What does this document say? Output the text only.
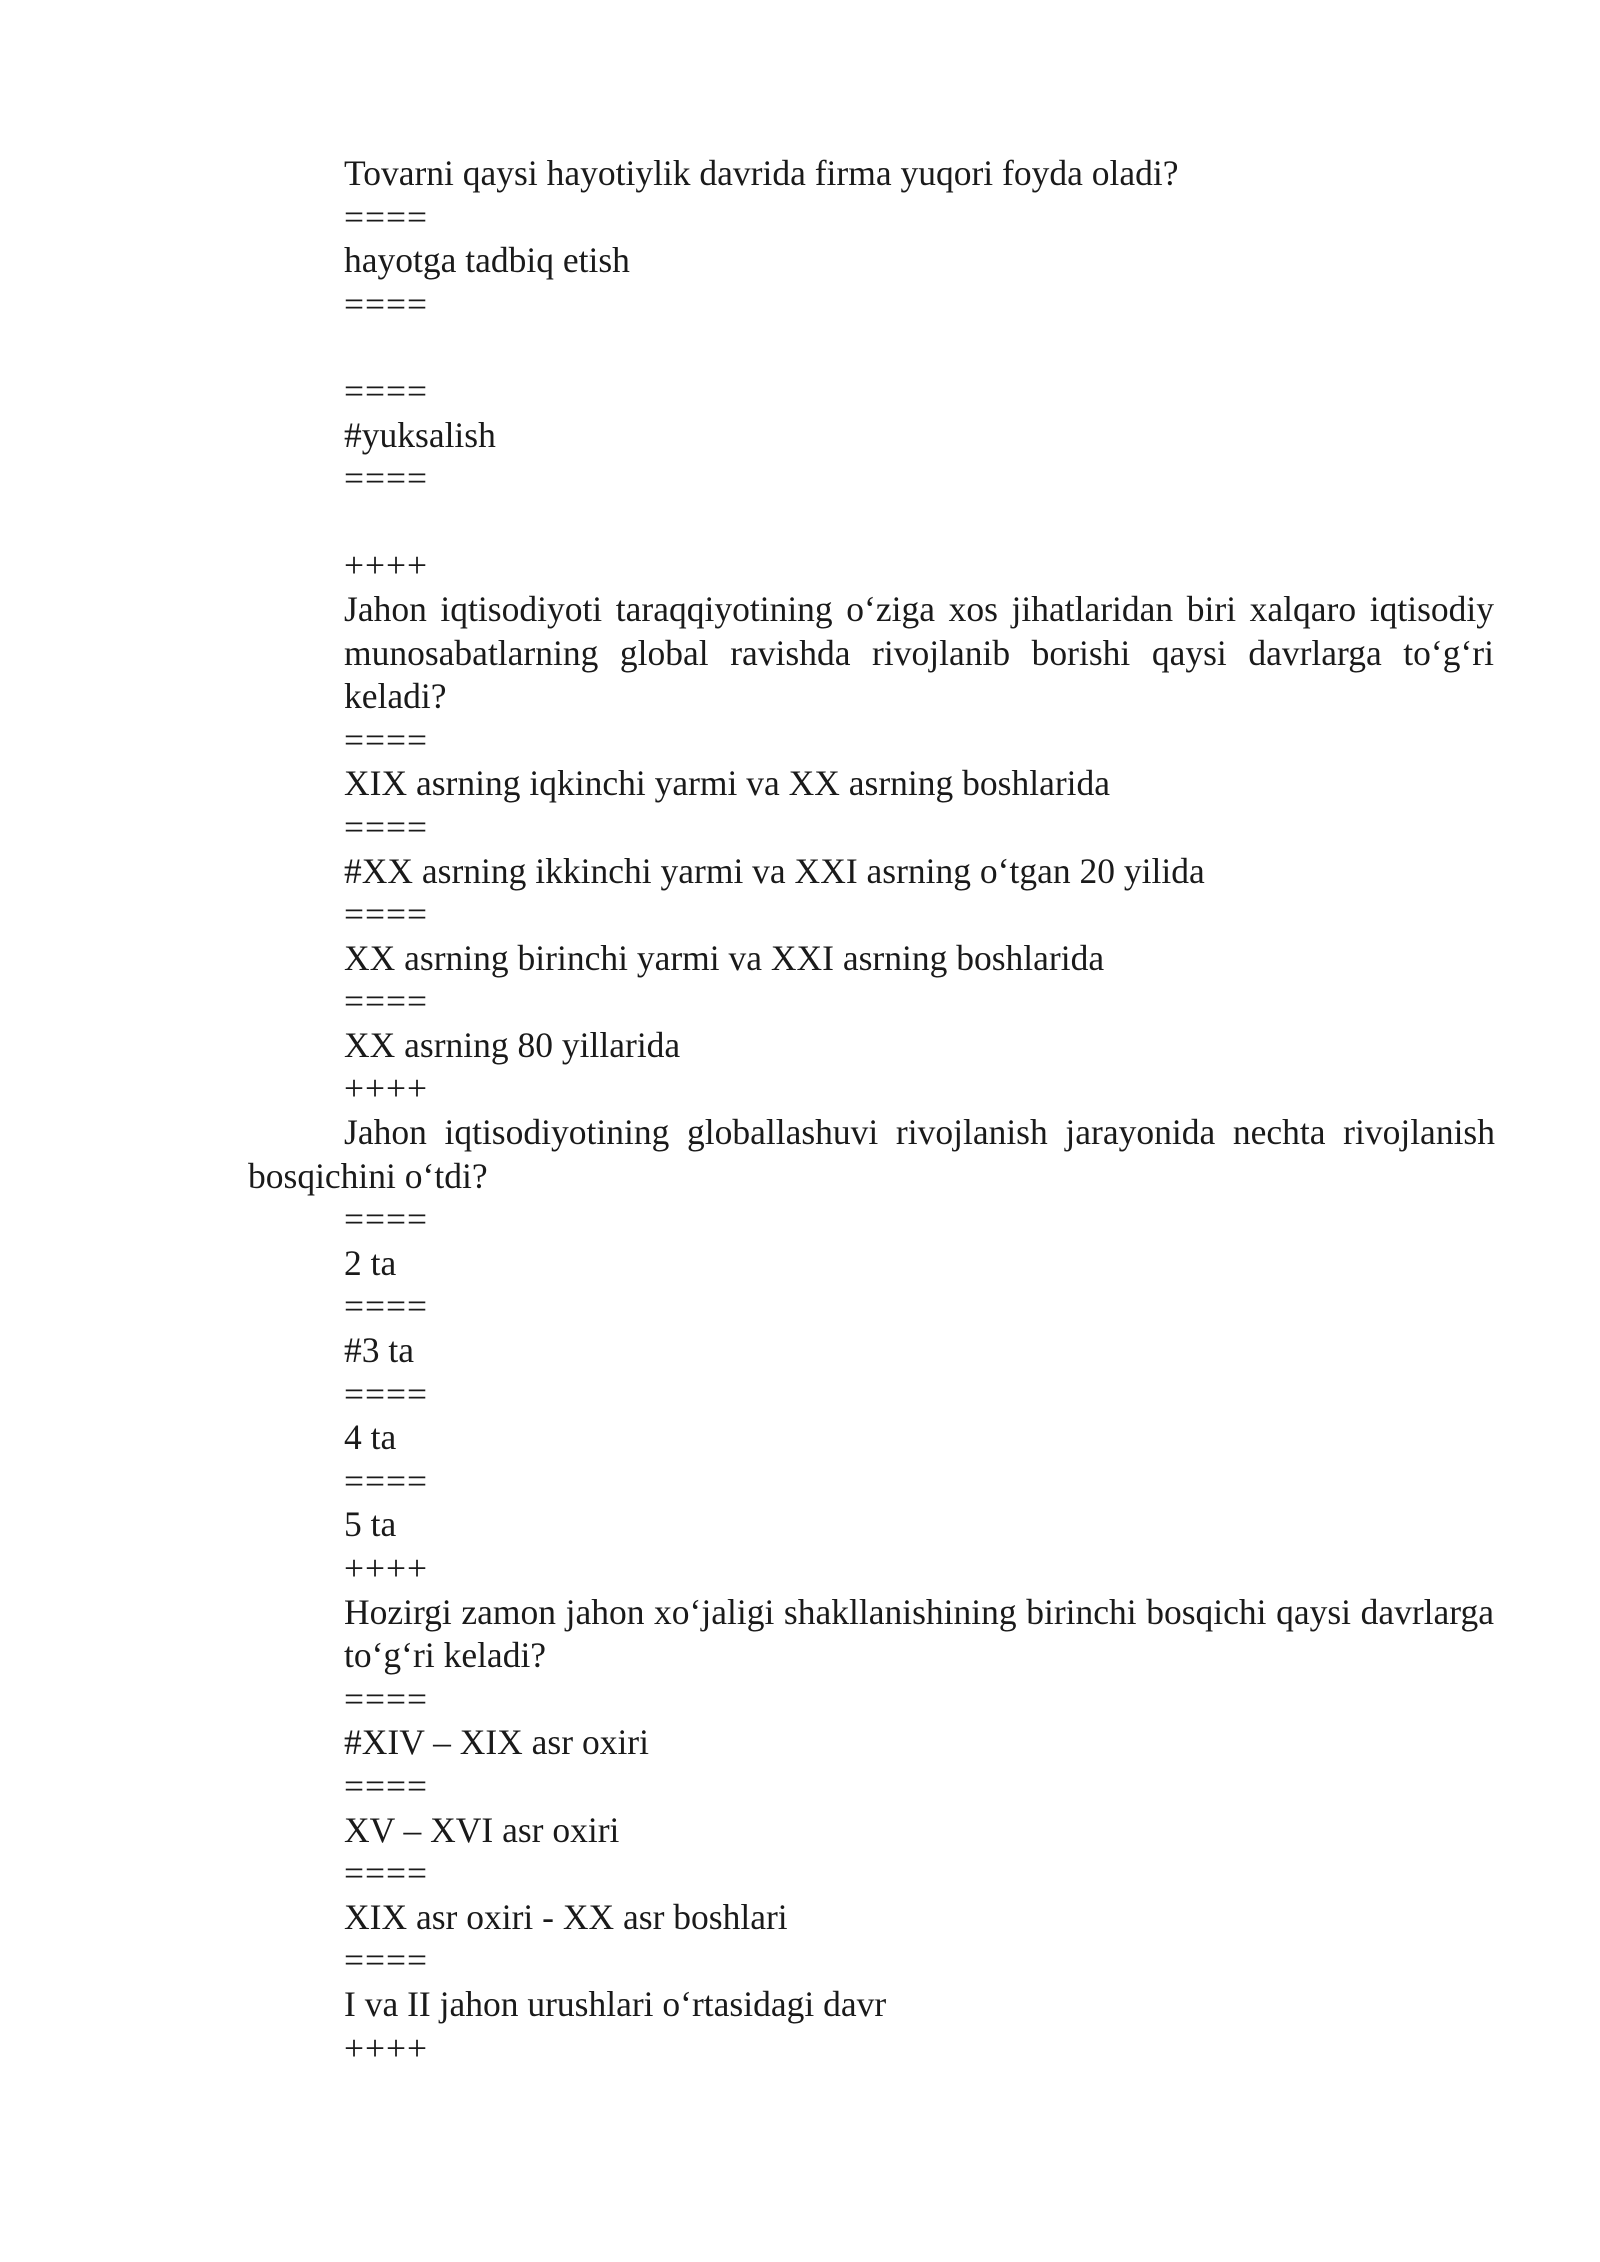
Tovarni qaysi hayotiylik davrida firma yuqori foyda oladi?
====
hayotga tadbiq etish
====
====
#yuksalish
====
++++
Jahon iqtisodiyoti taraqqiyotining o‘ziga xos jihatlaridan biri xalqaro iqtisodiy munosabatlarning global ravishda rivojlanib borishi qaysi davrlarga to‘g‘ri keladi?
====
XIX asrning iqkinchi yarmi va XX asrning boshlarida
====
#XX asrning ikkinchi yarmi va XXI asrning o‘tgan 20 yilida
====
XX asrning birinchi yarmi va XXI asrning boshlarida
====
XX asrning 80 yillarida
++++
Jahon iqtisodiyotining globallashuvi rivojlanish jarayonida nechta rivojlanish bosqichini o‘tdi?
====
2 ta
====
#3 ta
====
4 ta
====
5 ta
++++
Hozirgi zamon jahon xo‘jaligi shakllanishining birinchi bosqichi qaysi davrlarga to‘g‘ri keladi?
====
#XIV – XIX asr oxiri
====
XV – XVI asr oxiri
====
XIX asr oxiri - XX asr boshlari
====
I va II jahon urushlari o‘rtasidagi davr
++++
